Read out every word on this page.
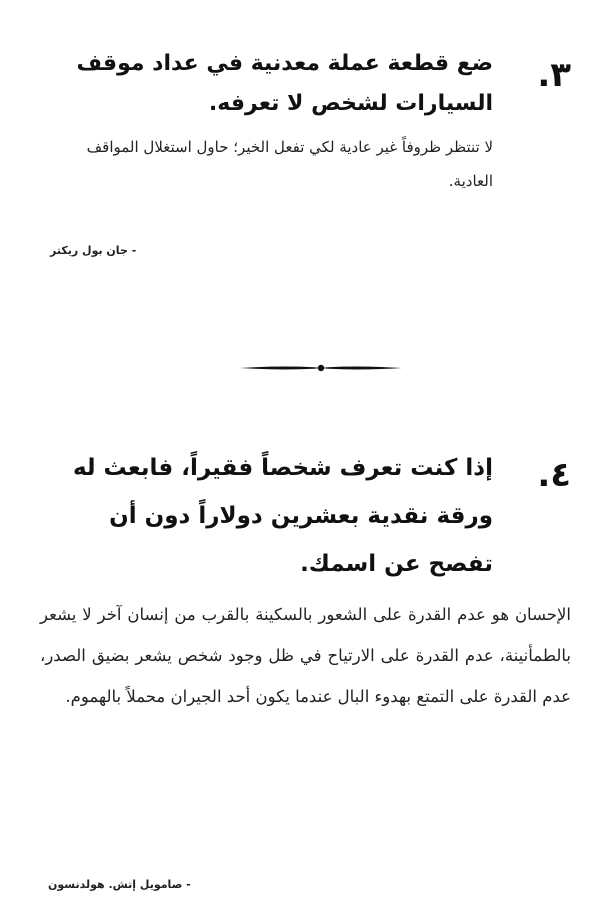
٣.
ضع قطعة عملة معدنية في عداد موقف السيارات لشخص لا تعرفه.
لا تنتظر ظروفاً غير عادية لكي تفعل الخير؛ حاول استغلال المواقف العادية.
- جان بول ريكتر
٤.
إذا كنت تعرف شخصاً فقيراً، فابعث له ورقة نقدية بعشرين دولاراً دون أن تفصح عن اسمك.
الإحسان هو عدم القدرة على الشعور بالسكينة بالقرب من إنسان آخر لا يشعر بالطمأنينة، عدم القدرة على الارتياح في ظل وجود شخص يشعر بضيق الصدر، عدم القدرة على التمتع بهدوء البال عندما يكون أحد الجيران محملاً بالهموم.
- صامويل إتش. هولدنسون
